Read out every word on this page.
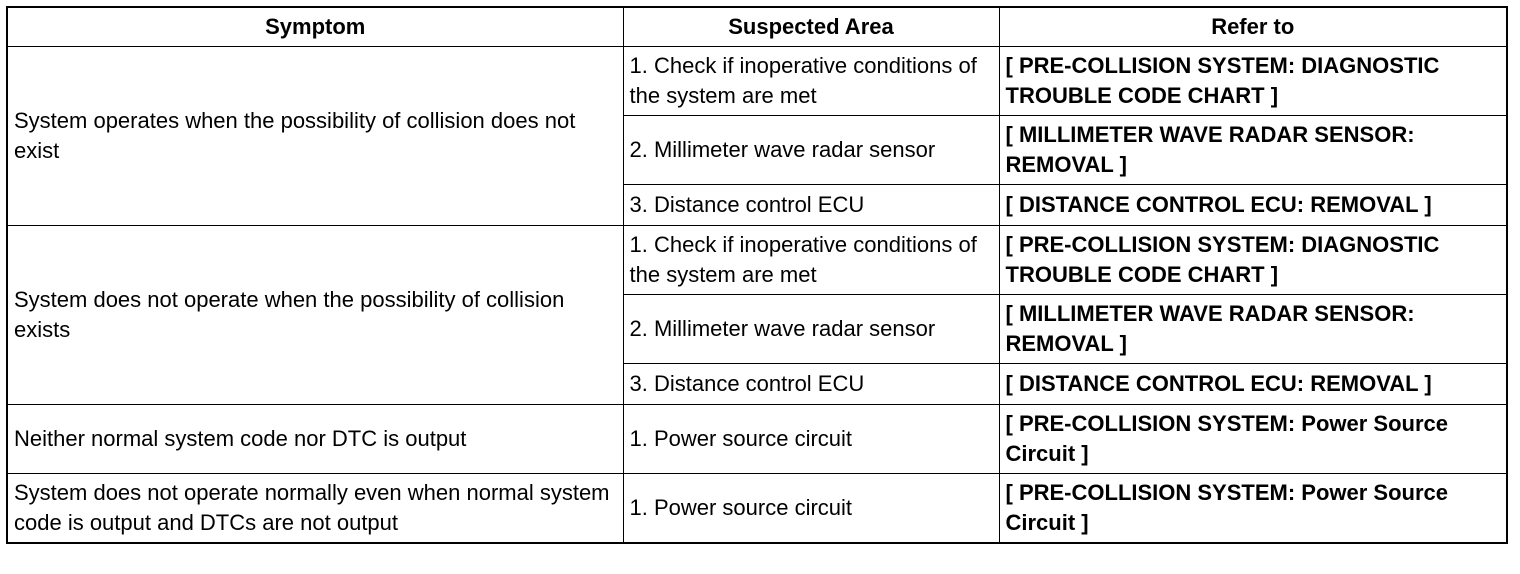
Symptom	Suspected Area	Refer to
System operates when the possibility of collision does not exist	1. Check if inoperative conditions of the system are met	[ PRE-COLLISION SYSTEM: DIAGNOSTIC TROUBLE CODE CHART ]
	2. Millimeter wave radar sensor	[ MILLIMETER WAVE RADAR SENSOR: REMOVAL ]
	3. Distance control ECU	[ DISTANCE CONTROL ECU: REMOVAL ]
System does not operate when the possibility of collision exists	1. Check if inoperative conditions of the system are met	[ PRE-COLLISION SYSTEM: DIAGNOSTIC TROUBLE CODE CHART ]
	2. Millimeter wave radar sensor	[ MILLIMETER WAVE RADAR SENSOR: REMOVAL ]
	3. Distance control ECU	[ DISTANCE CONTROL ECU: REMOVAL ]
Neither normal system code nor DTC is output	1. Power source circuit	[ PRE-COLLISION SYSTEM: Power Source Circuit ]
System does not operate normally even when normal system code is output and DTCs are not output	1. Power source circuit	[ PRE-COLLISION SYSTEM: Power Source Circuit ]
